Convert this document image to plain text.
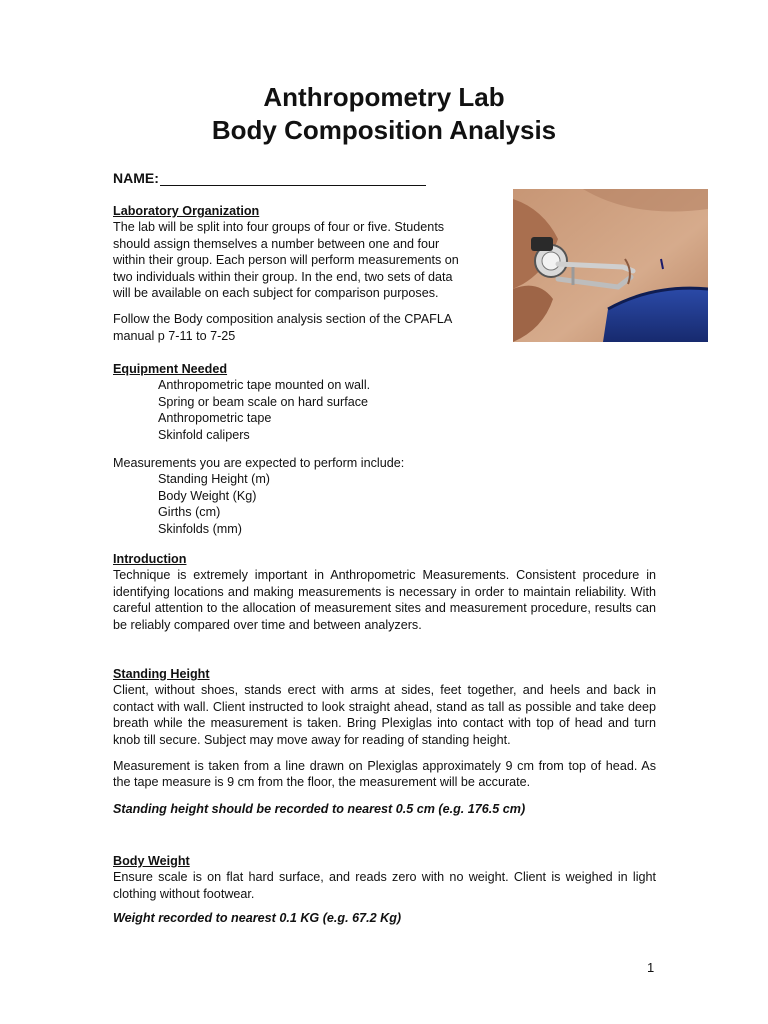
Anthropometry Lab
Body Composition Analysis
NAME:
Laboratory Organization
The lab will be split into four groups of four or five. Students
should assign themselves a number between one and four
within their group. Each person will perform measurements on
two individuals within their group. In the end, two sets of data
will be available on each subject for comparison purposes.
Follow the Body composition analysis section of the CPAFLA
manual p 7-11 to 7-25
Equipment Needed
Anthropometric tape mounted on wall.
Spring or beam scale on hard surface
Anthropometric tape
Skinfold calipers
Measurements you are expected to perform include:
Standing Height (m)
Body Weight (Kg)
Girths (cm)
Skinfolds (mm)
Introduction
Technique is extremely important in Anthropometric Measurements. Consistent procedure in identifying locations and making measurements is necessary in order to maintain reliability. With careful attention to the allocation of measurement sites and measurement procedure, results can be reliably compared over time and between analyzers.
Standing Height
Client, without shoes, stands erect with arms at sides, feet together, and heels and back in contact with wall. Client instructed to look straight ahead, stand as tall as possible and take deep breath while the measurement is taken. Bring Plexiglas into contact with top of head and turn knob till secure. Subject may move away for reading of standing height.
Measurement is taken from a line drawn on Plexiglas approximately 9 cm from top of head. As the tape measure is 9 cm from the floor, the measurement will be accurate.
Standing height should be recorded to nearest 0.5 cm (e.g. 176.5 cm)
Body Weight
Ensure scale is on flat hard surface, and reads zero with no weight. Client is weighed in light clothing without footwear.
Weight recorded to nearest 0.1 KG (e.g. 67.2 Kg)
1
